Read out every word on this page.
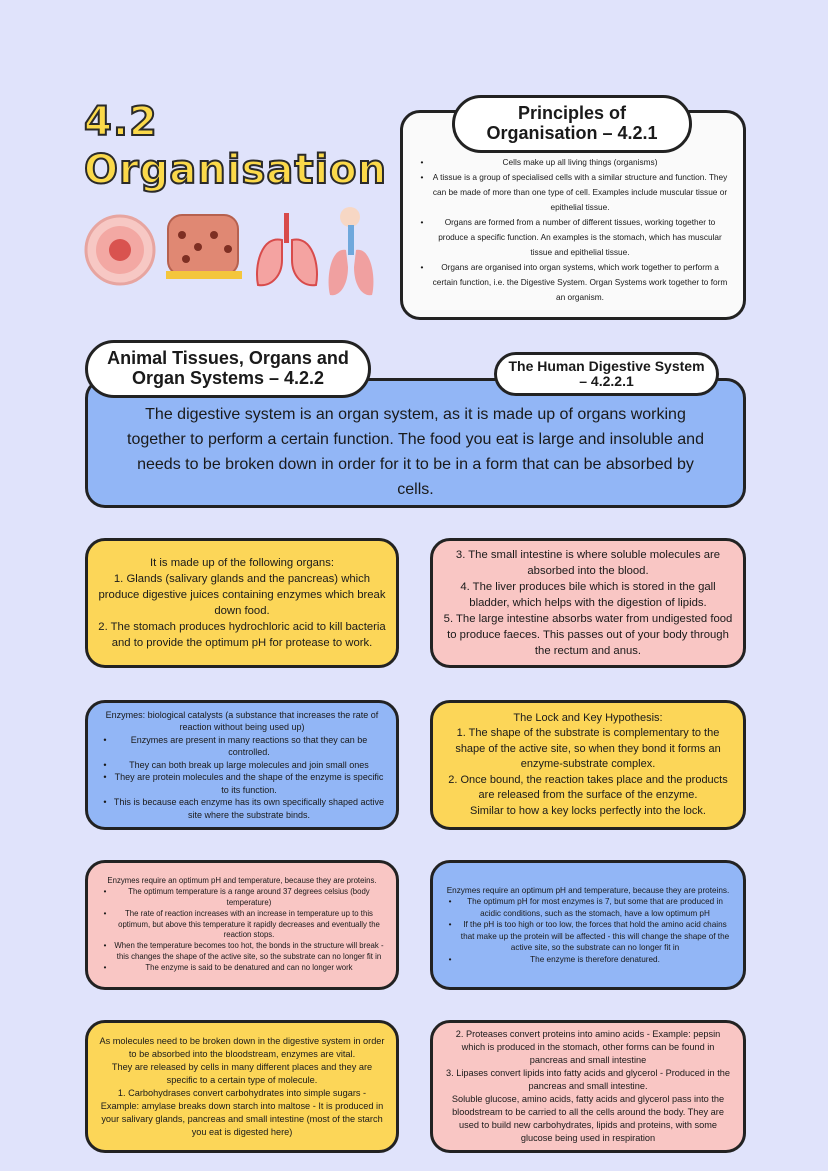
4.2
Organisation	•	Cells make up all living things (organisms)
•	A tissue is a group of specialised cells with a similar structure and function. They can be made of more than one type of cell. Examples include muscular tissue or epithelial tissue.
•	Organs are formed from a number of different tissues, working together to produce a specific function. An examples is the stomach, which has muscular tissue and epithelial tissue.
•	Organs are organised into organ systems, which work together to perform a certain function, i.e. the Digestive System. Organ Systems work together to form an organism.
Principles of Organisation – 4.2.1

The digestive system is an organ system, as it is made up of organs working together to perform a certain function. The food you eat is large and insoluble and needs to be broken down in order for it to be in a form that can be absorbed by cells.

Animal Tissues, Organs and Organ Systems – 4.2.2
The Human Digestive System – 4.2.2.1

It is made up of the following organs:

1. Glands (salivary glands and the pancreas) which produce digestive juices containing enzymes which break down food.

2. The stomach produces hydrochloric acid to kill bacteria and to provide the optimum pH for protease to work.

3. The small intestine is where soluble molecules are absorbed into the blood.

4. The liver produces bile which is stored in the gall bladder, which helps with the digestion of lipids.

5. The large intestine absorbs water from undigested food to produce faeces. This passes out of your body through the rectum and anus.

Enzymes: biological catalysts (a substance that increases the rate of reaction without being used up)

•	Enzymes are present in many reactions so that they can be controlled.
•	They can both break up large molecules and join small ones
• They are protein molecules and the shape of the enzyme is specific to its function.
• This is because each enzyme has its own specifically shaped active site where the substrate binds.

The Lock and Key Hypothesis:

1. The shape of the substrate is complementary to the shape of the active site, so when they bond it forms an enzyme-substrate complex.

2. Once bound, the reaction takes place and the products are released from the surface of the enzyme.

Similar to how a key locks perfectly into the lock.

Enzymes require an optimum pH and temperature, because they are proteins.

•	The optimum temperature is a range around 37 degrees celsius (body temperature)
•	The rate of reaction increases with an increase in temperature up to this optimum, but above this temperature it rapidly decreases and eventually the reaction stops.
•	When the temperature becomes too hot, the bonds in the structure will break - this changes the shape of the active site, so the substrate can no longer fit in
•	The enzyme is said to be denatured and can no longer work

Enzymes require an optimum pH and temperature, because they are proteins.

•	The optimum pH for most enzymes is 7, but some that are produced in acidic conditions, such as the stomach, have a low optimum pH
•	If the pH is too high or too low, the forces that hold the amino acid chains that make up the protein will be affected - this will change the shape of the active site, so the substrate can no longer fit in
•	The enzyme is therefore denatured.

As molecules need to be broken down in the digestive system in order to be absorbed into the bloodstream, enzymes are vital.

They are released by cells in many different places and they are specific to a certain type of molecule.

1. Carbohydrases convert carbohydrates into simple sugars - Example: amylase breaks down starch into maltose - It is produced in your salivary glands, pancreas and small intestine (most of the starch you eat is digested here)

2. Proteases convert proteins into amino acids - Example: pepsin which is produced in the stomach, other forms can be found in pancreas and small intestine

3. Lipases convert lipids into fatty acids and glycerol - Produced in the pancreas and small intestine.

Soluble glucose, amino acids, fatty acids and glycerol pass into the bloodstream to be carried to all the cells around the body. They are used to build new carbohydrates, lipids and proteins, with some glucose being used in respiration
